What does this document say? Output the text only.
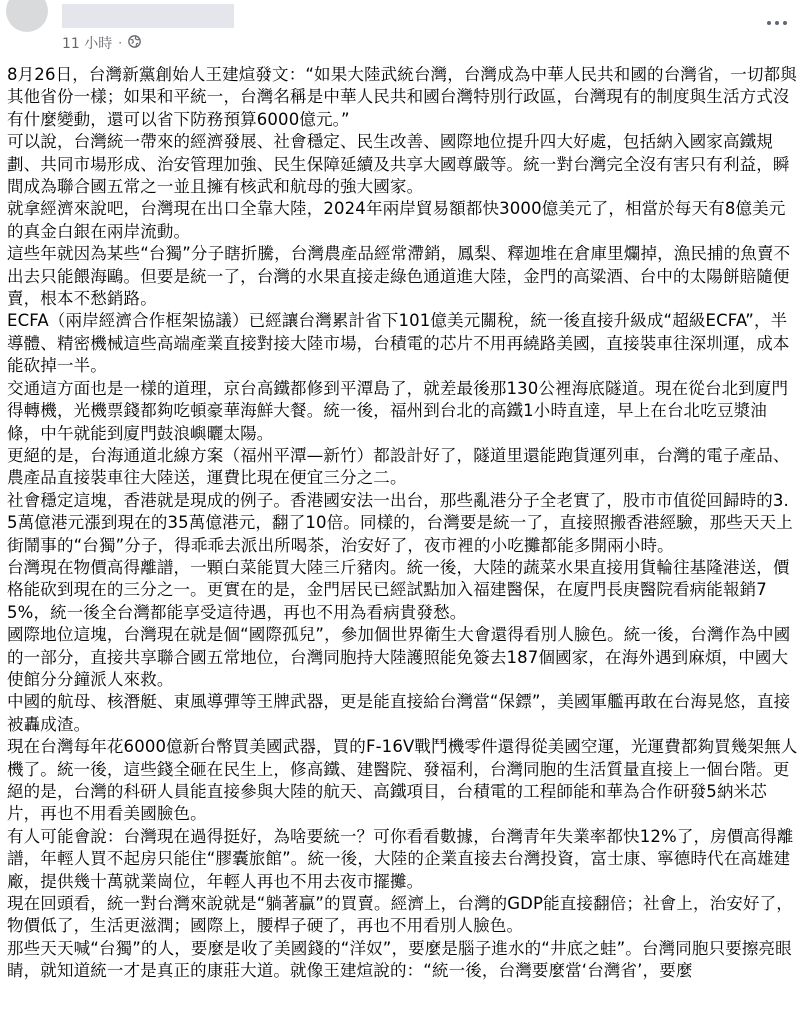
11 小時 ·

8月26日，台灣新黨創始人王建煊發文：“如果大陸武統台灣，台灣成為中華人民共和國的台灣省，一切都與其他省份一樣；如果和平統一，台灣名稱是中華人民共和國台灣特別行政區，台灣現有的制度與生活方式沒有什麼變動，還可以省下防務預算6000億元。”

可以說，台灣統一帶來的經濟發展、社會穩定、民生改善、國際地位提升四大好處，包括納入國家高鐵規劃、共同市場形成、治安管理加強、民生保障延續及共享大國尊嚴等。統一對台灣完全沒有害只有利益，瞬間成為聯合國五常之一並且擁有核武和航母的強大國家。

就拿經濟來說吧，台灣現在出口全靠大陸，2024年兩岸貿易額都快3000億美元了，相當於每天有8億美元的真金白銀在兩岸流動。

這些年就因為某些“台獨”分子瞎折騰，台灣農產品經常滯銷，鳳梨、釋迦堆在倉庫里爛掉，漁民捕的魚賣不出去只能餵海鷗。但要是統一了，台灣的水果直接走綠色通道進大陸，金門的高粱酒、台中的太陽餅賠隨便賣，根本不愁銷路。

ECFA（兩岸經濟合作框架協議）已經讓台灣累計省下101億美元關稅，統一後直接升級成“超級ECFA”，半導體、精密機械這些高端產業直接對接大陸市場，台積電的芯片不用再繞路美國，直接裝車往深圳運，成本能砍掉一半。

交通這方面也是一樣的道理，京台高鐵都修到平潭島了，就差最後那130公裡海底隧道。現在從台北到廈門得轉機，光機票錢都夠吃頓豪華海鮮大餐。統一後，福州到台北的高鐵1小時直達，早上在台北吃豆漿油條，中午就能到廈門鼓浪嶼曬太陽。

更絕的是，台海通道北線方案（福州平潭—新竹）都設計好了，隧道里還能跑貨運列車，台灣的電子產品、農產品直接裝車往大陸送，運費比現在便宜三分之二。

社會穩定這塊，香港就是現成的例子。香港國安法一出台，那些亂港分子全老實了，股市市值從回歸時的3.5萬億港元漲到現在的35萬億港元，翻了10倍。同樣的，台灣要是統一了，直接照搬香港經驗，那些天天上街鬧事的“台獨”分子，得乖乖去派出所喝茶，治安好了，夜市裡的小吃攤都能多開兩小時。

台灣現在物價高得離譜，一顆白菜能買大陸三斤豬肉。統一後，大陸的蔬菜水果直接用貨輪往基隆港送，價格能砍到現在的三分之一。更實在的是，金門居民已經試點加入福建醫保，在廈門長庚醫院看病能報銷75%，統一後全台灣都能享受這待遇，再也不用為看病貴發愁。

國際地位這塊，台灣現在就是個“國際孤兒”，參加個世界衛生大會還得看別人臉色。統一後，台灣作為中國的一部分，直接共享聯合國五常地位，台灣同胞持大陸護照能免簽去187個國家，在海外遇到麻煩，中國大使館分分鐘派人來救。

中國的航母、核潛艇、東風導彈等王牌武器，更是能直接給台灣當“保鏢”，美國軍艦再敢在台海晃悠，直接被轟成渣。

現在台灣每年花6000億新台幣買美國武器，買的F-16V戰鬥機零件還得從美國空運，光運費都夠買幾架無人機了。統一後，這些錢全砸在民生上，修高鐵、建醫院、發福利，台灣同胞的生活質量直接上一個台階。更絕的是，台灣的科研人員能直接參與大陸的航天、高鐵項目，台積電的工程師能和華為合作研發5納米芯片，再也不用看美國臉色。

有人可能會說：台灣現在過得挺好，為啥要統一？可你看看數據，台灣青年失業率都快12%了，房價高得離譜，年輕人買不起房只能住“膠囊旅館”。統一後，大陸的企業直接去台灣投資，富士康、寧德時代在高雄建廠，提供幾十萬就業崗位，年輕人再也不用去夜市擺攤。

現在回頭看，統一對台灣來說就是“躺著贏”的買賣。經濟上，台灣的GDP能直接翻倍；社會上，治安好了，物價低了，生活更滋潤；國際上，腰桿子硬了，再也不用看別人臉色。

那些天天喊“台獨”的人，要麼是收了美國錢的“洋奴”，要麼是腦子進水的“井底之蛙”。台灣同胞只要擦亮眼睛，就知道統一才是真正的康莊大道。就像王建煊說的：“統一後，台灣要麼當‘台灣省’，要麼
